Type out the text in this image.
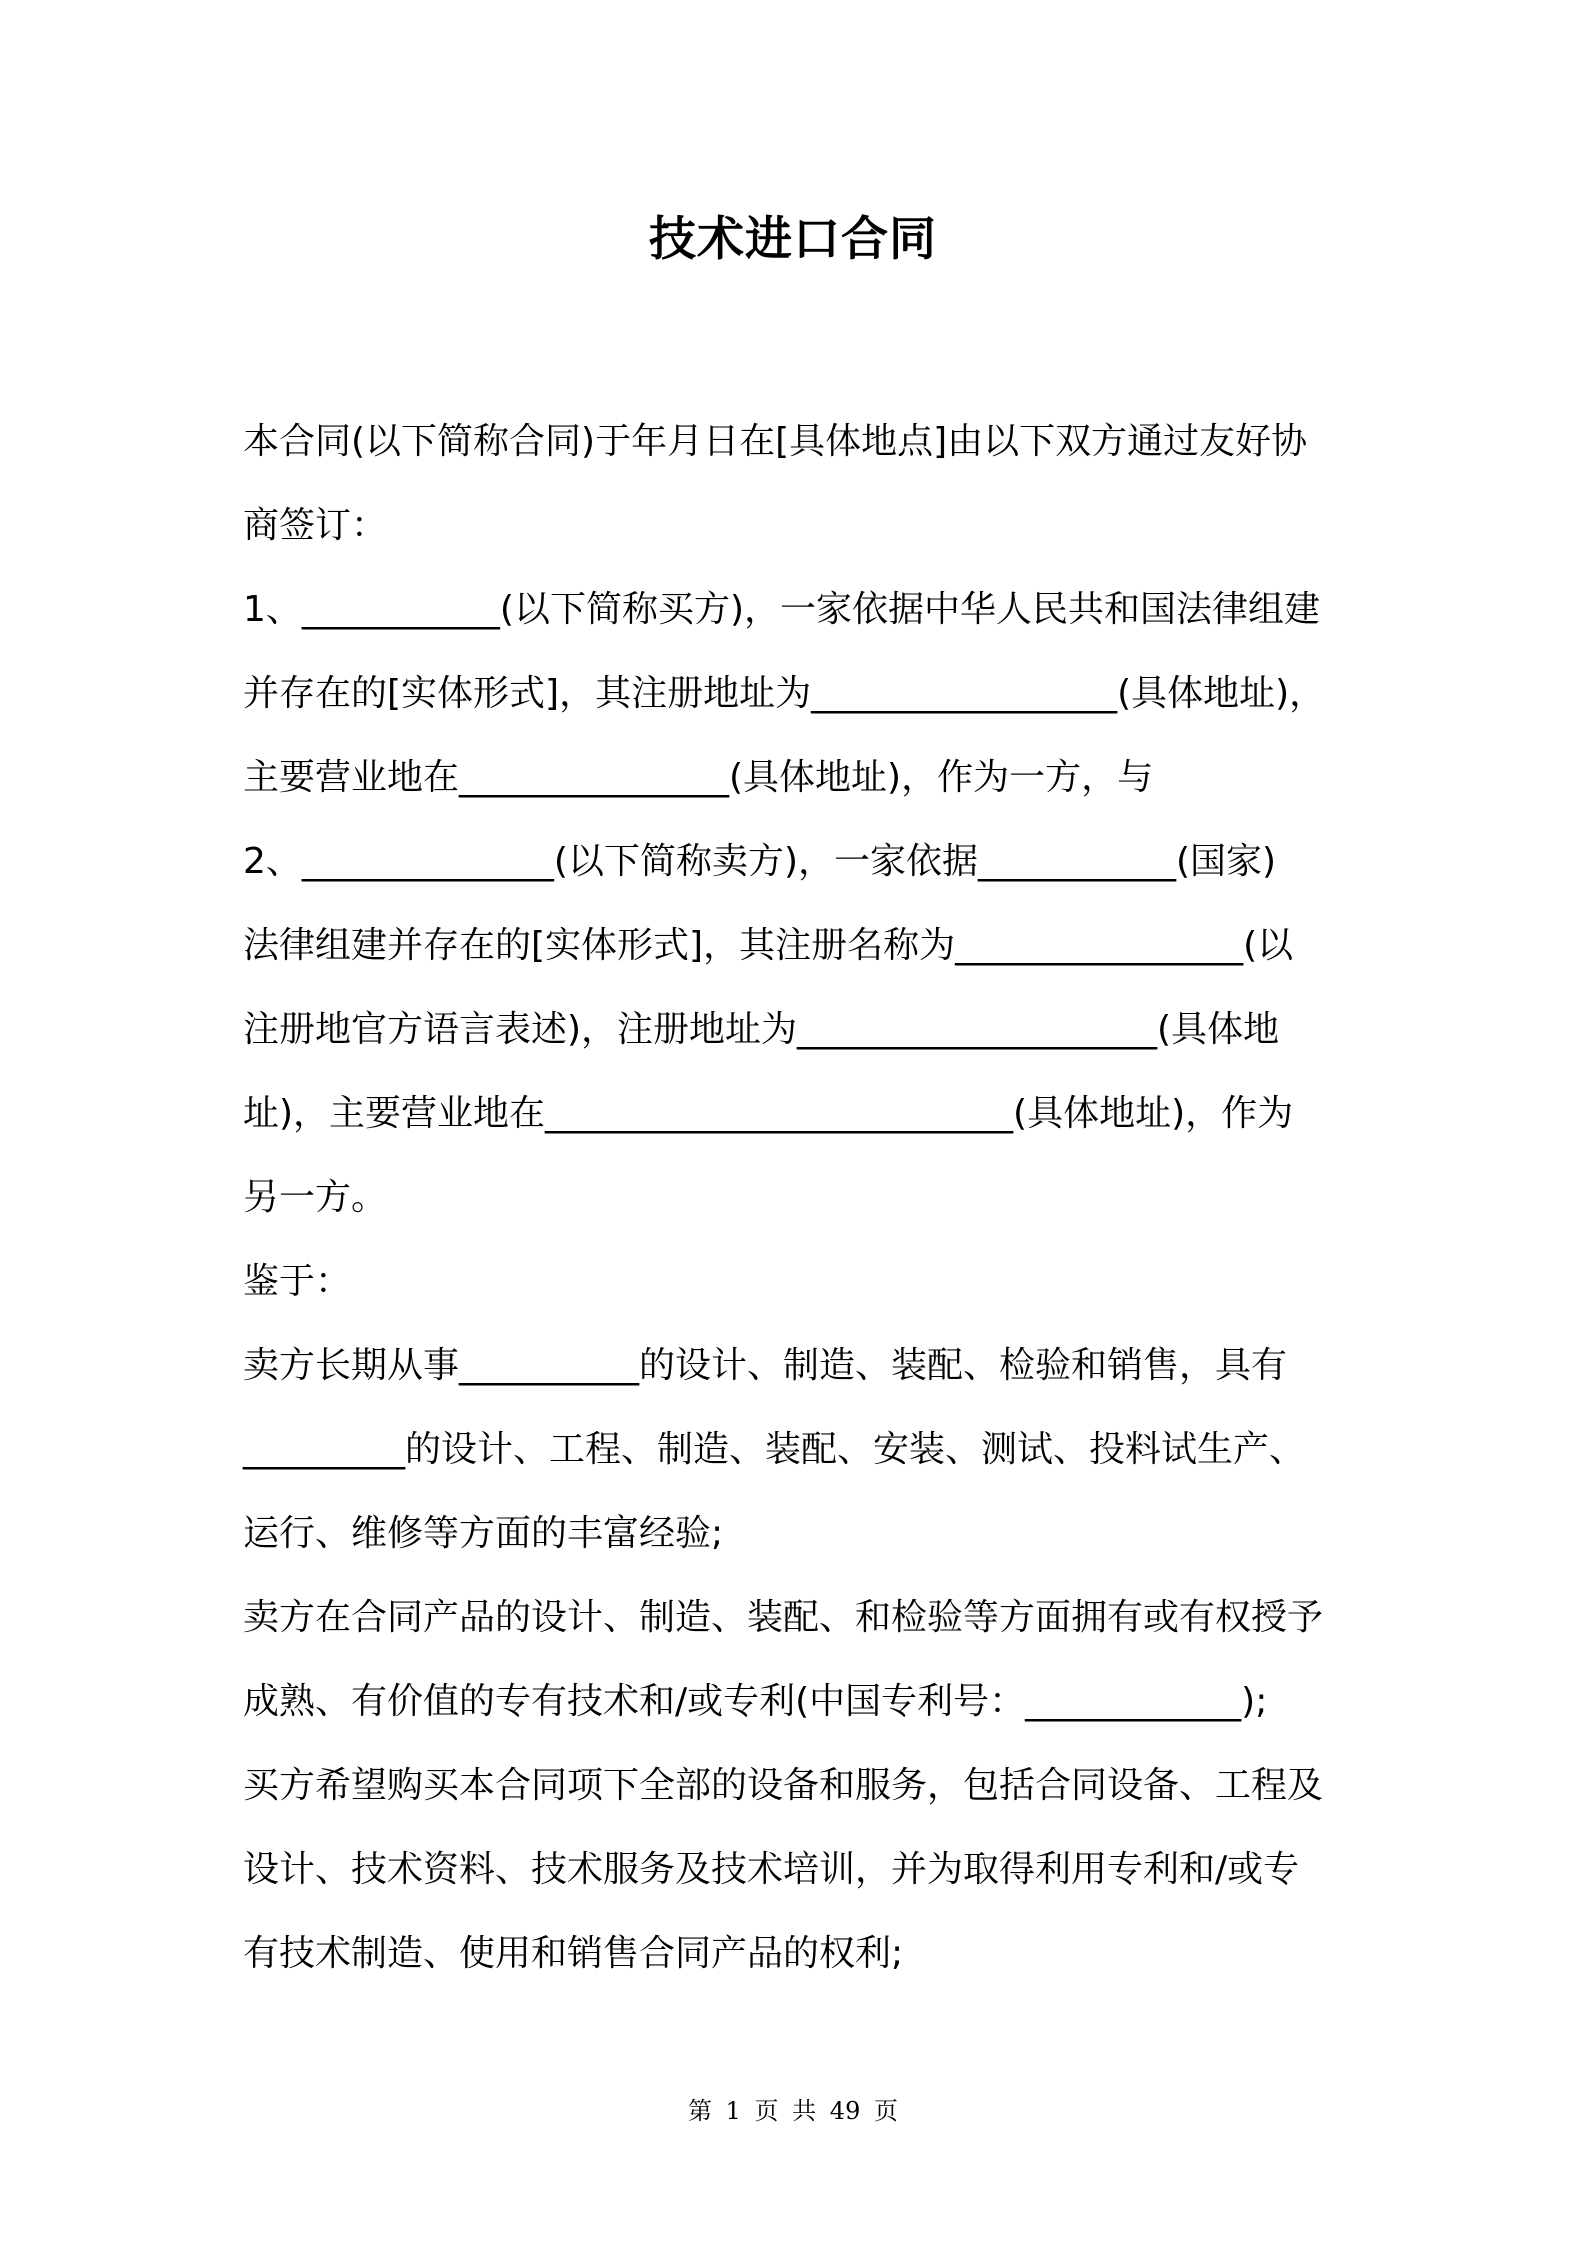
技术进口合同
本合同(以下简称合同)于年月日在[具体地点]由以下双方通过友好协
商签订：
1、___________(以下简称买方)，一家依据中华人民共和国法律组建
并存在的[实体形式]，其注册地址为_________________(具体地址)，
主要营业地在_______________(具体地址)，作为一方，与
2、______________(以下简称卖方)，一家依据___________(国家)
法律组建并存在的[实体形式]，其注册名称为________________(以
注册地官方语言表述)，注册地址为____________________(具体地
址)，主要营业地在__________________________(具体地址)，作为
另一方。
鉴于：
卖方长期从事__________的设计、制造、装配、检验和销售，具有
_________的设计、工程、制造、装配、安装、测试、投料试生产、
运行、维修等方面的丰富经验;
卖方在合同产品的设计、制造、装配、和检验等方面拥有或有权授予
成熟、有价值的专有技术和/或专利(中国专利号：____________);
买方希望购买本合同项下全部的设备和服务，包括合同设备、工程及
设计、技术资料、技术服务及技术培训，并为取得利用专利和/或专
有技术制造、使用和销售合同产品的权利;
第 1 页 共 49 页
